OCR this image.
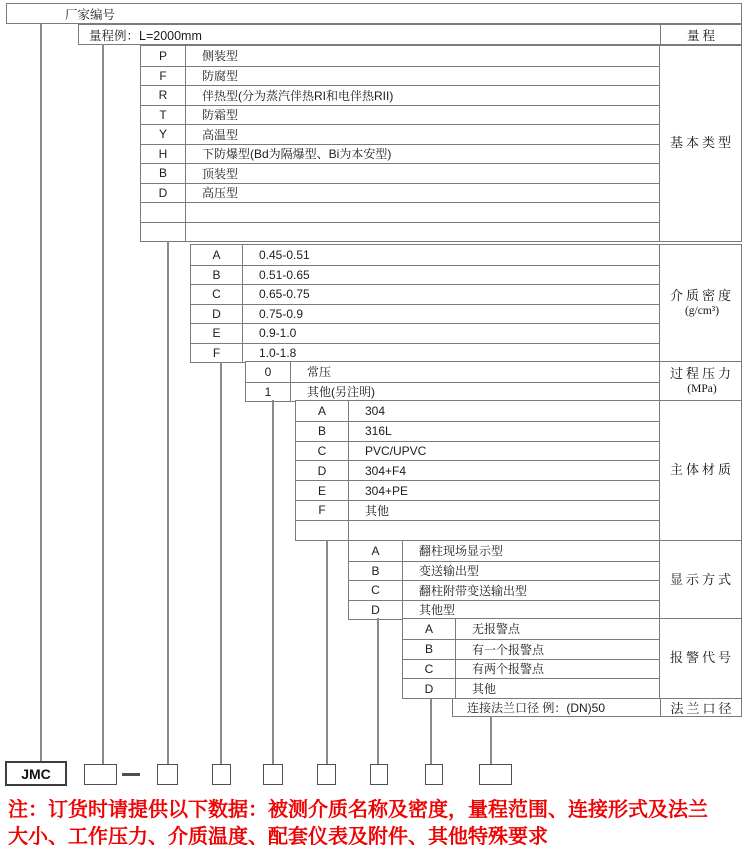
厂家编号
量程例：L=2000mm	量程
基本类型
P	侧装型
F	防腐型
R	伴热型(分为蒸汽伴热RI和电伴热RII)
T	防霜型
Y	高温型
H	下防爆型(Bd为隔爆型、Bi为本安型)
B	顶装型
D	高压型
介质密度
(g/cm³)
A	0.45-0.51
B	0.51-0.65
C	0.65-0.75
D	0.75-0.9
E	0.9-1.0
F	1.0-1.8
过程压力
(MPa)
0	常压
1	其他(另注明)
主体材质
A	304
B	316L
C	PVC/UPVC
D	304+F4
E	304+PE
F	其他
显示方式
A	翻柱现场显示型
B	变送输出型
C	翻柱附带变送输出型
D	其他型
报警代号
A	无报警点
B	有一个报警点
C	有两个报警点
D	其他
连接法兰口径 例：(DN)50	法兰口径
JMC
注：订货时请提供以下数据：被测介质名称及密度，量程范围、连接形式及法兰
大小、工作压力、介质温度、配套仪表及附件、其他特殊要求
